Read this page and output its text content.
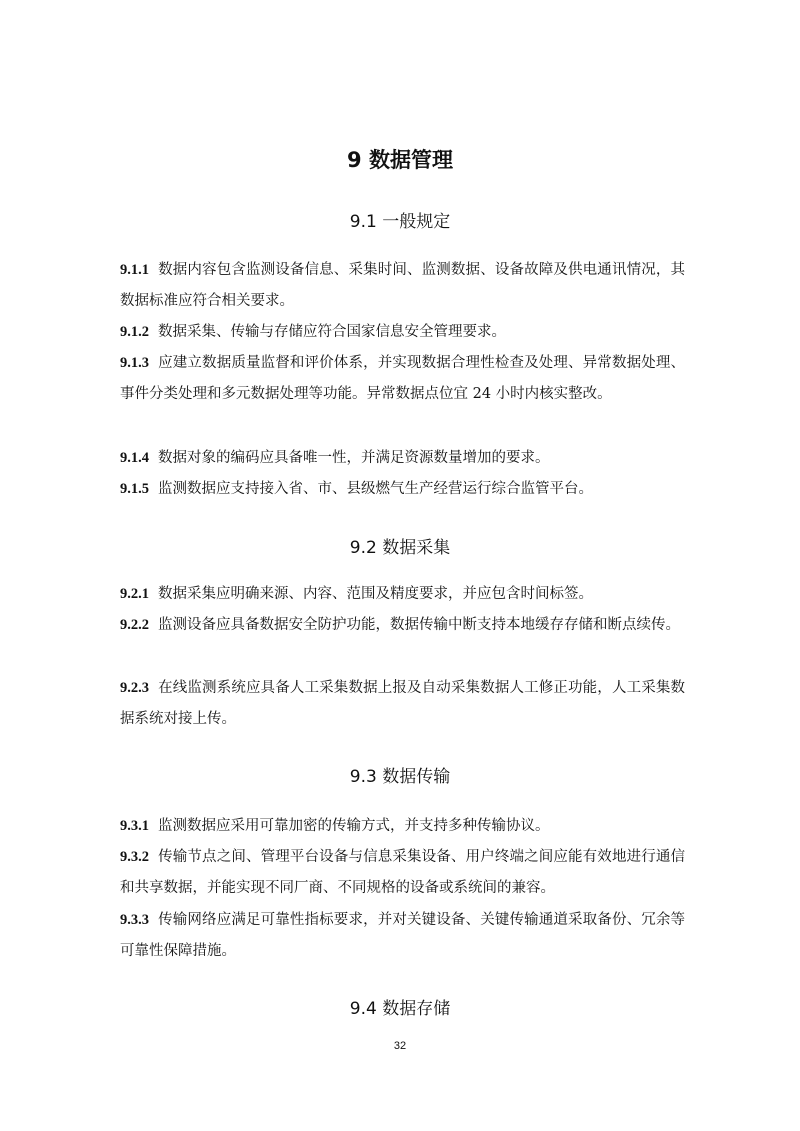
9 数据管理
9.1 一般规定
9.1.1 数据内容包含监测设备信息、采集时间、监测数据、设备故障及供电通讯情况，其数据标准应符合相关要求。
9.1.2 数据采集、传输与存储应符合国家信息安全管理要求。
9.1.3 应建立数据质量监督和评价体系，并实现数据合理性检查及处理、异常数据处理、事件分类处理和多元数据处理等功能。异常数据点位宜 24 小时内核实整改。
9.1.4 数据对象的编码应具备唯一性，并满足资源数量增加的要求。
9.1.5 监测数据应支持接入省、市、县级燃气生产经营运行综合监管平台。
9.2 数据采集
9.2.1 数据采集应明确来源、内容、范围及精度要求，并应包含时间标签。
9.2.2 监测设备应具备数据安全防护功能，数据传输中断支持本地缓存存储和断点续传。
9.2.3 在线监测系统应具备人工采集数据上报及自动采集数据人工修正功能，人工采集数据系统对接上传。
9.3 数据传输
9.3.1 监测数据应采用可靠加密的传输方式，并支持多种传输协议。
9.3.2 传输节点之间、管理平台设备与信息采集设备、用户终端之间应能有效地进行通信和共享数据，并能实现不同厂商、不同规格的设备或系统间的兼容。
9.3.3 传输网络应满足可靠性指标要求，并对关键设备、关键传输通道采取备份、冗余等可靠性保障措施。
9.4 数据存储
32
